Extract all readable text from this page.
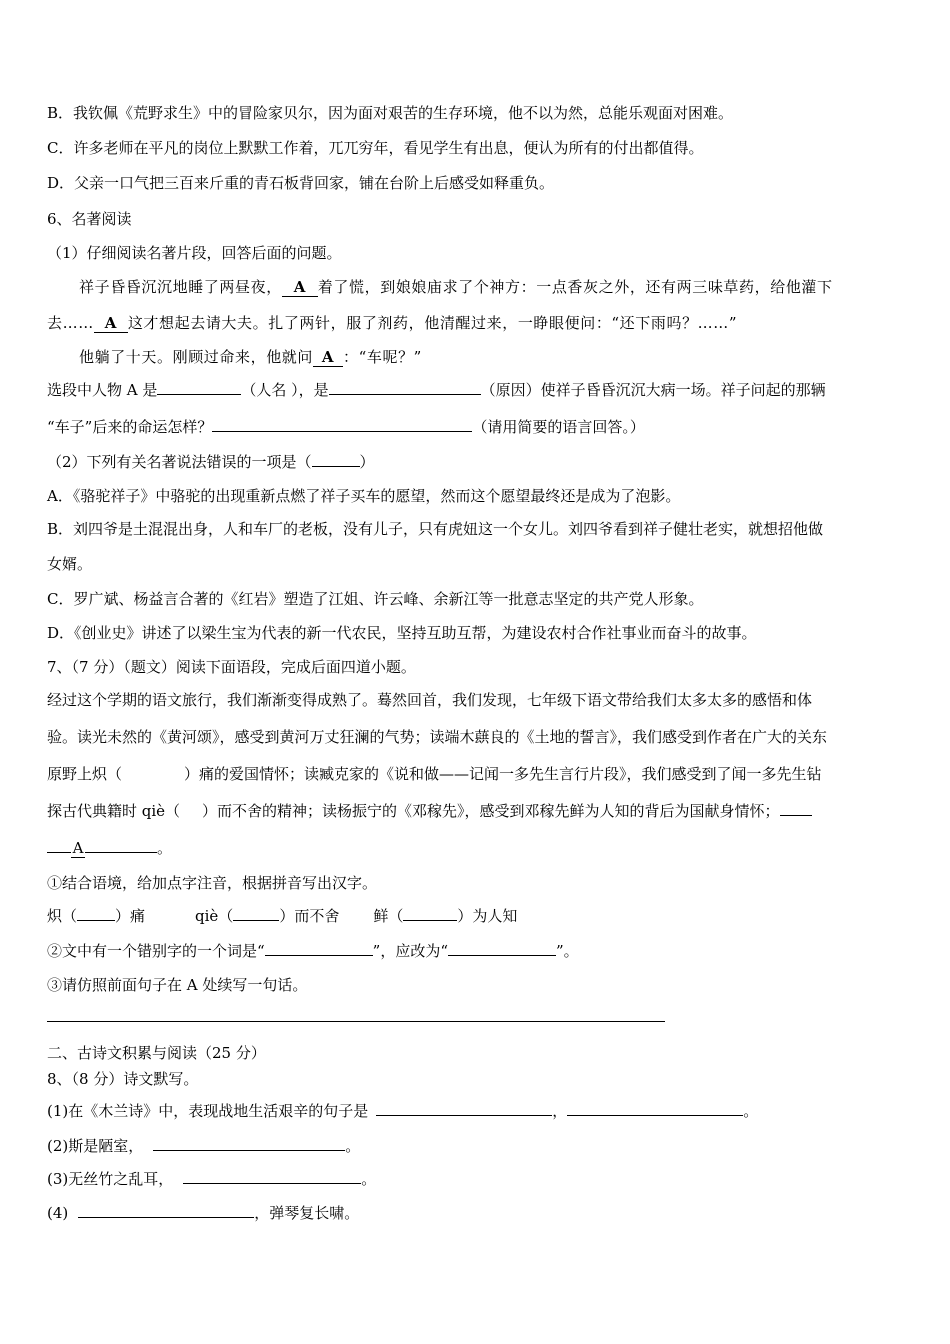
B．我钦佩《荒野求生》中的冒险家贝尔，因为面对艰苦的生存环境，他不以为然，总能乐观面对困难。
C．许多老师在平凡的岗位上默默工作着，兀兀穷年，看见学生有出息，便认为所有的付出都值得。
D．父亲一口气把三百来斤重的青石板背回家，铺在台阶上后感受如释重负。
6、名著阅读
（1）仔细阅读名著片段，回答后面的问题。
祥子昏昏沉沉地睡了两昼夜， A 着了慌，到娘娘庙求了个神方：一点香灰之外，还有两三味草药，给他灌下
去…… A 这才想起去请大夫。扎了两针，服了剂药，他清醒过来，一睁眼便问：“还下雨吗？……”
他躺了十天。刚顾过命来，他就问 A ：“车呢？”
选段中人物 A 是	（人名 ），是	（原因）使祥子昏昏沉沉大病一场。祥子问起的那辆
“车子”后来的命运怎样？	（请用简要的语言回答。）
（2）下列有关名著说法错误的一项是（	）
A．《骆驼祥子》中骆驼的出现重新点燃了祥子买车的愿望，然而这个愿望最终还是成为了泡影。
B．刘四爷是土混混出身，人和车厂的老板，没有儿子，只有虎妞这一个女儿。刘四爷看到祥子健壮老实，就想招他做
女婿。
C．罗广斌、杨益言合著的《红岩》塑造了江姐、许云峰、余新江等一批意志坚定的共产党人形象。
D．《创业史》讲述了以梁生宝为代表的新一代农民，坚持互助互帮，为建设农村合作社事业而奋斗的故事。
7、（7 分）（题文）阅读下面语段，完成后面四道小题。
经过这个学期的语文旅行，我们渐渐变得成熟了。蓦然回首，我们发现，七年级下语文带给我们太多太多的感悟和体
验。读光未然的《黄河颂》，感受到黄河万丈狂澜的气势；读端木蕻良的《土地的誓言》，我们感受到作者在广大的关东
原野上炽（	）痛的爱国情怀；读臧克家的《说和做——记闻一多先生言行片段》，我们感受到了闻一多先生钻
探古代典籍时 qiè（ ）而不舍的精神；读杨振宁的《邓稼先》，感受到邓稼先鲜为人知的背后为国献身情怀；
A	。
①结合语境，给加点字注音，根据拼音写出汉字。
炽（	）痛	qiè（	）而不舍 鲜（	）为人知
②文中有一个错别字的一个词是“	”，应改为“	”。
③请仿照前面句子在 A 处续写一句话。
二、古诗文积累与阅读（25 分）
8、（8 分）诗文默写。
(1)在《木兰诗》中，表现战地生活艰辛的句子是	，	。
(2)斯是陋室，	。
(3)无丝竹之乱耳，	。
(4)	，弹琴复长啸。
